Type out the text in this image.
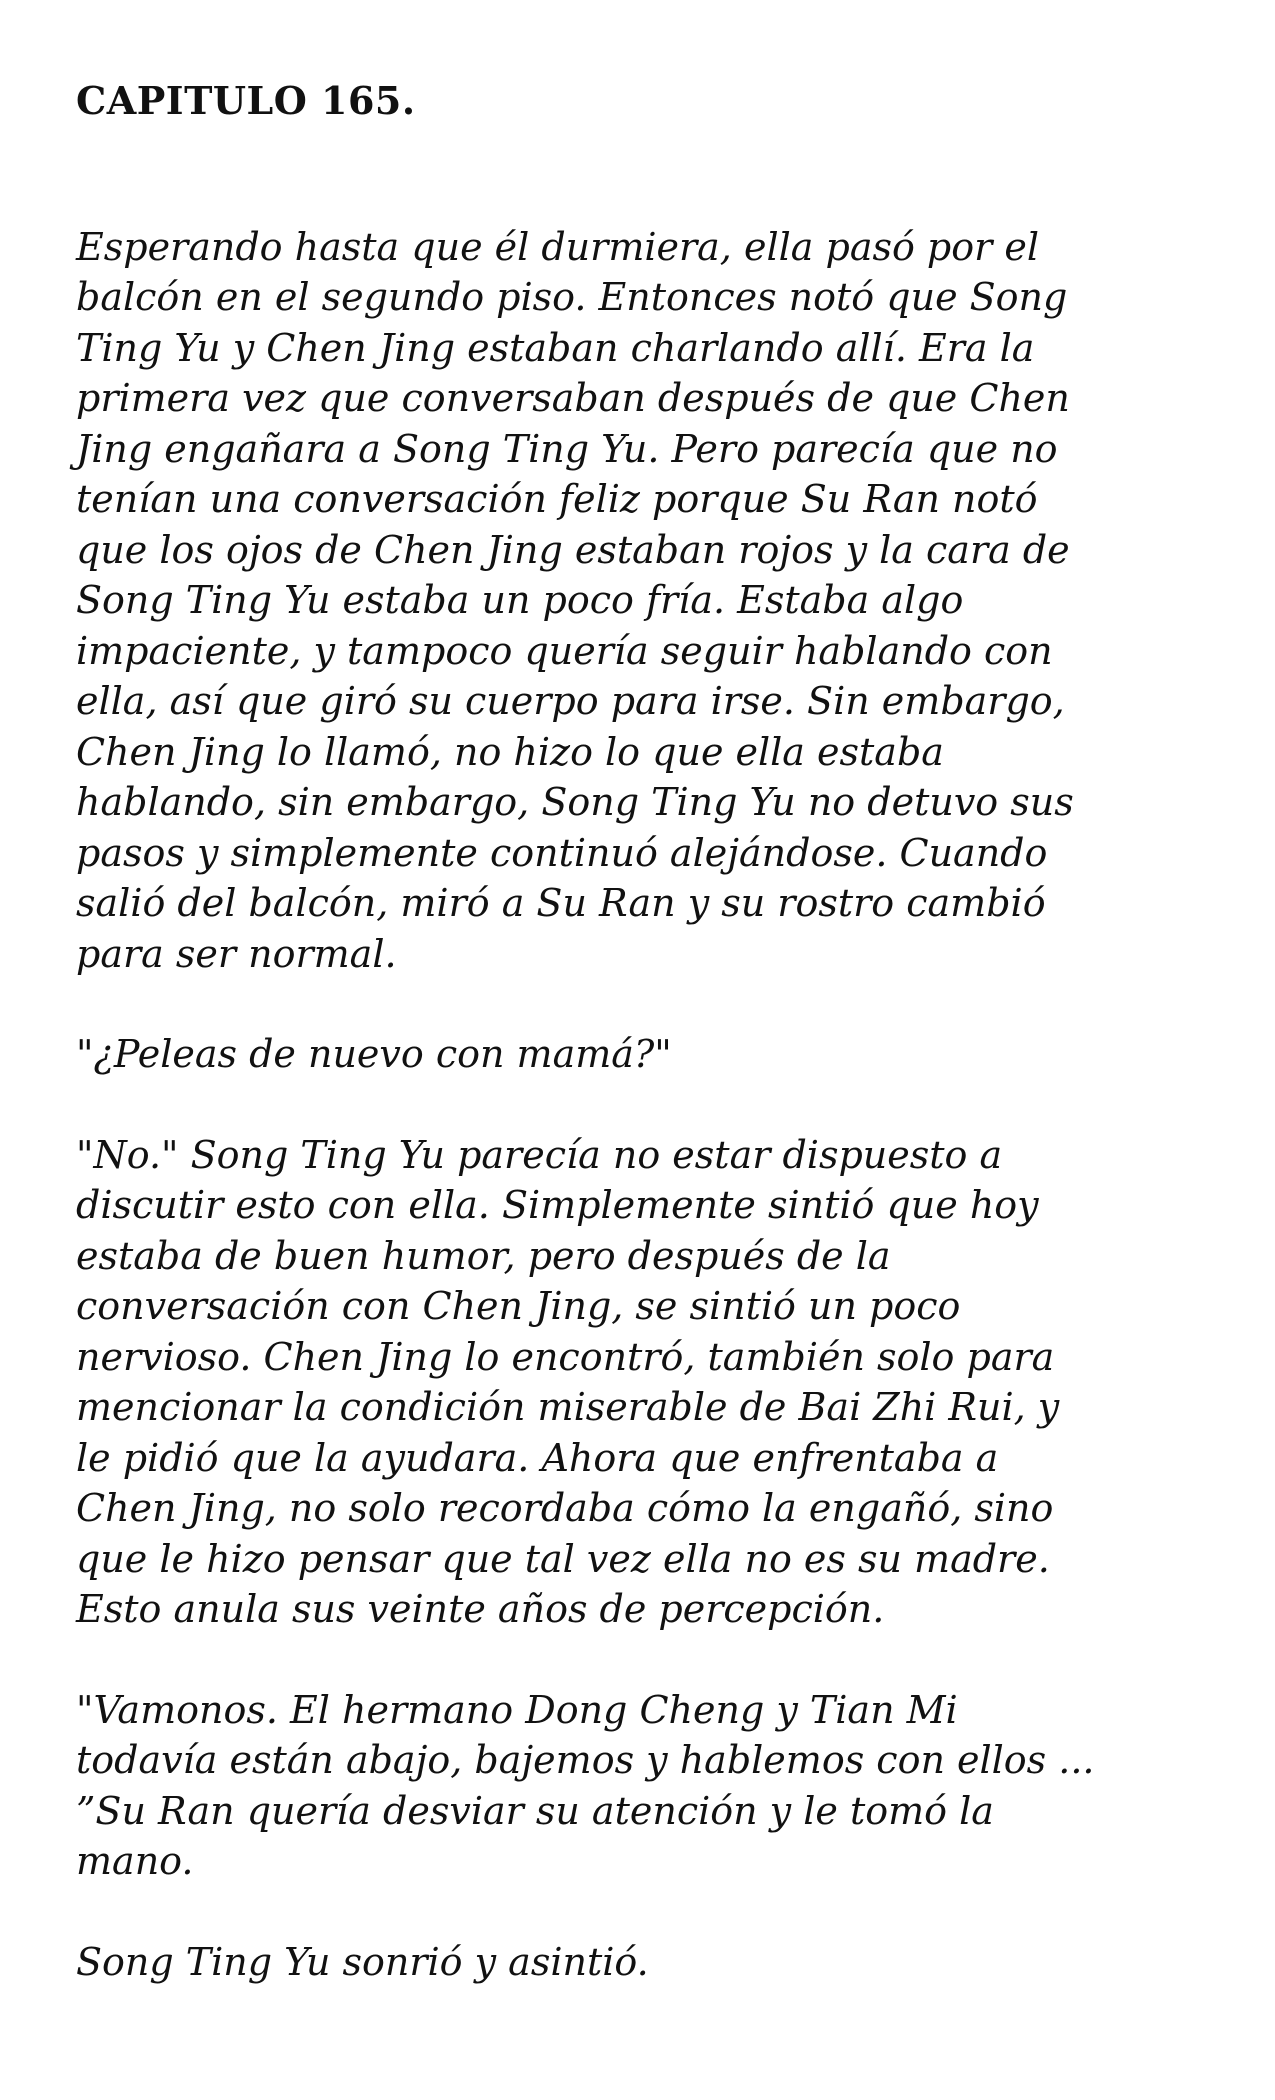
CAPITULO 165.

Esperando hasta que él durmiera, ella pasó por el
balcón en el segundo piso. Entonces notó que Song
Ting Yu y Chen Jing estaban charlando allí. Era la
primera vez que conversaban después de que Chen
Jing engañara a Song Ting Yu. Pero parecía que no
tenían una conversación feliz porque Su Ran notó
que los ojos de Chen Jing estaban rojos y la cara de
Song Ting Yu estaba un poco fría. Estaba algo
impaciente, y tampoco quería seguir hablando con
ella, así que giró su cuerpo para irse. Sin embargo,
Chen Jing lo llamó, no hizo lo que ella estaba
hablando, sin embargo, Song Ting Yu no detuvo sus
pasos y simplemente continuó alejándose. Cuando
salió del balcón, miró a Su Ran y su rostro cambió
para ser normal.

"¿Peleas de nuevo con mamá?"

"No." Song Ting Yu parecía no estar dispuesto a
discutir esto con ella. Simplemente sintió que hoy
estaba de buen humor, pero después de la
conversación con Chen Jing, se sintió un poco
nervioso. Chen Jing lo encontró, también solo para
mencionar la condición miserable de Bai Zhi Rui, y
le pidió que la ayudara. Ahora que enfrentaba a
Chen Jing, no solo recordaba cómo la engañó, sino
que le hizo pensar que tal vez ella no es su madre.
Esto anula sus veinte años de percepción.

"Vamonos. El hermano Dong Cheng y Tian Mi
todavía están abajo, bajemos y hablemos con ellos ...
”Su Ran quería desviar su atención y le tomó la
mano.

Song Ting Yu sonrió y asintió.
